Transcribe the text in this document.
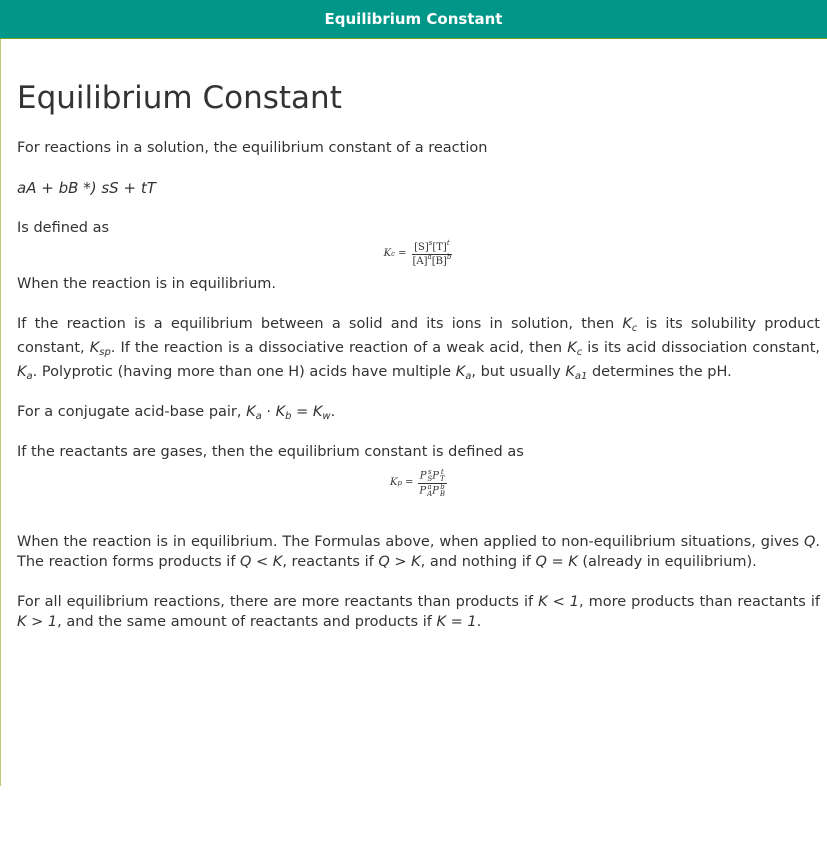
Equilibrium Constant
Equilibrium Constant

For reactions in a solution, the equilibrium constant of a reaction

aA + bB *) sS + tT

Is defined as

K $c = \frac{[S]^s[T]^t}{[A]^a[B]^b}$

When the reaction is in equilibrium.

If the reaction is a equilibrium between a solid and its ions in solution, then $K_c$ is its solubility product constant, $K_{sp}$. If the reaction is a dissociative reaction of a weak acid, then $K_c$ is its acid dissociation constant, $K_a$. Polyprotic (having more than one H) acids have multiple $K_a$, but usually $K_{a1}$ determines the pH.

For a conjugate acid-base pair, $K_a \cdot K_b = K_w$.

If the reactants are gases, then the equilibrium constant is defined as

K p = P s
S P t
T
P a
A P b
B

When the reaction is in equilibrium. The Formulas above, when applied to non-equilibrium situations, gives Q. The reaction forms products if Q < K, reactants if Q > K, and nothing if Q = K (already in equilibrium).

For all equilibrium reactions, there are more reactants than products if K < 1, more products than reactants if K > 1, and the same amount of reactants and products if K = 1.
